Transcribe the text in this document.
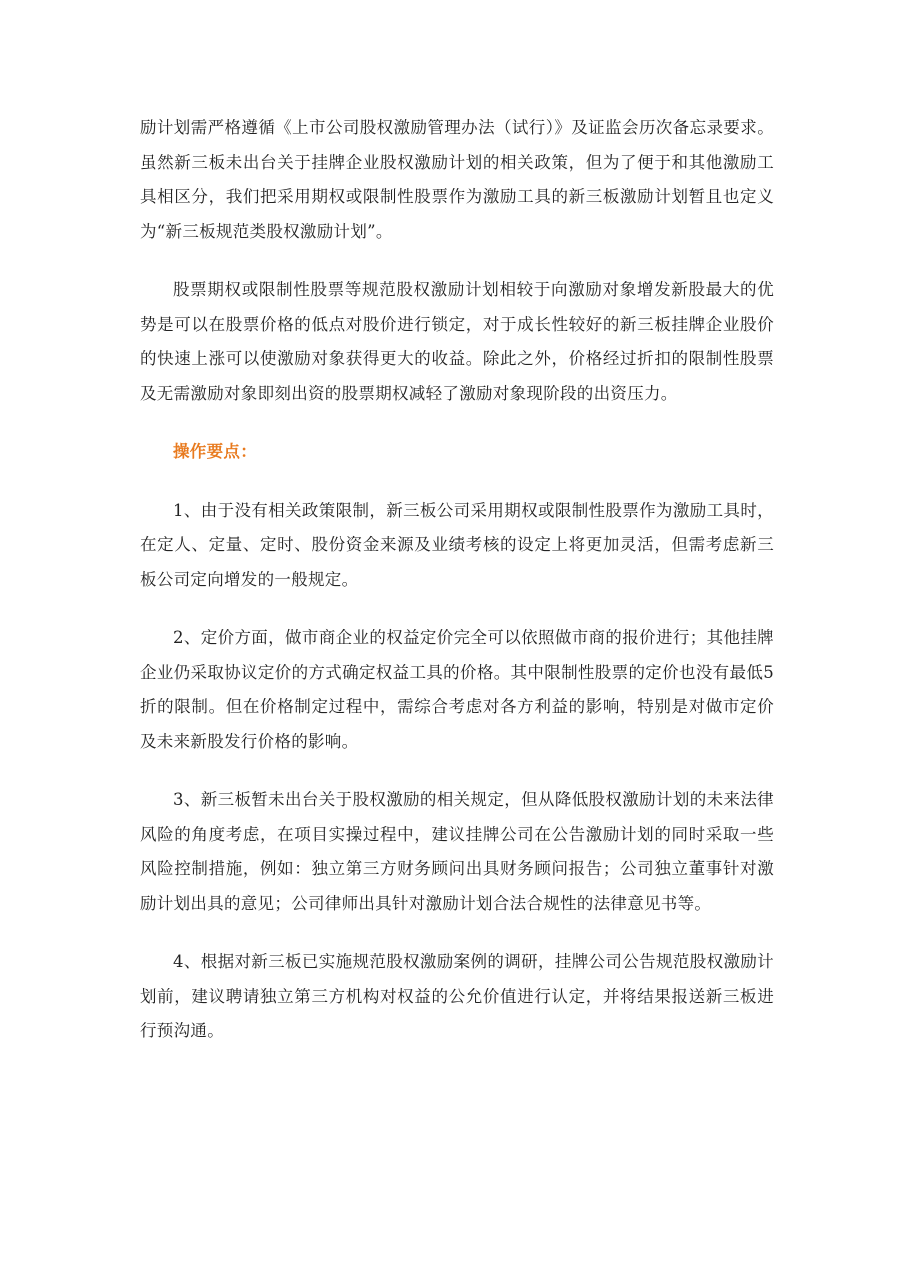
励计划需严格遵循《上市公司股权激励管理办法（试行）》及证监会历次备忘录要求。虽然新三板未出台关于挂牌企业股权激励计划的相关政策，但为了便于和其他激励工具相区分，我们把采用期权或限制性股票作为激励工具的新三板激励计划暂且也定义为“新三板规范类股权激励计划”。

股票期权或限制性股票等规范股权激励计划相较于向激励对象增发新股最大的优势是可以在股票价格的低点对股价进行锁定，对于成长性较好的新三板挂牌企业股价的快速上涨可以使激励对象获得更大的收益。除此之外，价格经过折扣的限制性股票及无需激励对象即刻出资的股票期权减轻了激励对象现阶段的出资压力。

操作要点：

1、由于没有相关政策限制，新三板公司采用期权或限制性股票作为激励工具时，在定人、定量、定时、股份资金来源及业绩考核的设定上将更加灵活，但需考虑新三板公司定向增发的一般规定。

2、定价方面，做市商企业的权益定价完全可以依照做市商的报价进行；其他挂牌企业仍采取协议定价的方式确定权益工具的价格。其中限制性股票的定价也没有最低5折的限制。但在价格制定过程中，需综合考虑对各方利益的影响，特别是对做市定价及未来新股发行价格的影响。

3、新三板暂未出台关于股权激励的相关规定，但从降低股权激励计划的未来法律风险的角度考虑，在项目实操过程中，建议挂牌公司在公告激励计划的同时采取一些风险控制措施，例如：独立第三方财务顾问出具财务顾问报告；公司独立董事针对激励计划出具的意见；公司律师出具针对激励计划合法合规性的法律意见书等。

4、根据对新三板已实施规范股权激励案例的调研，挂牌公司公告规范股权激励计划前，建议聘请独立第三方机构对权益的公允价值进行认定，并将结果报送新三板进行预沟通。
